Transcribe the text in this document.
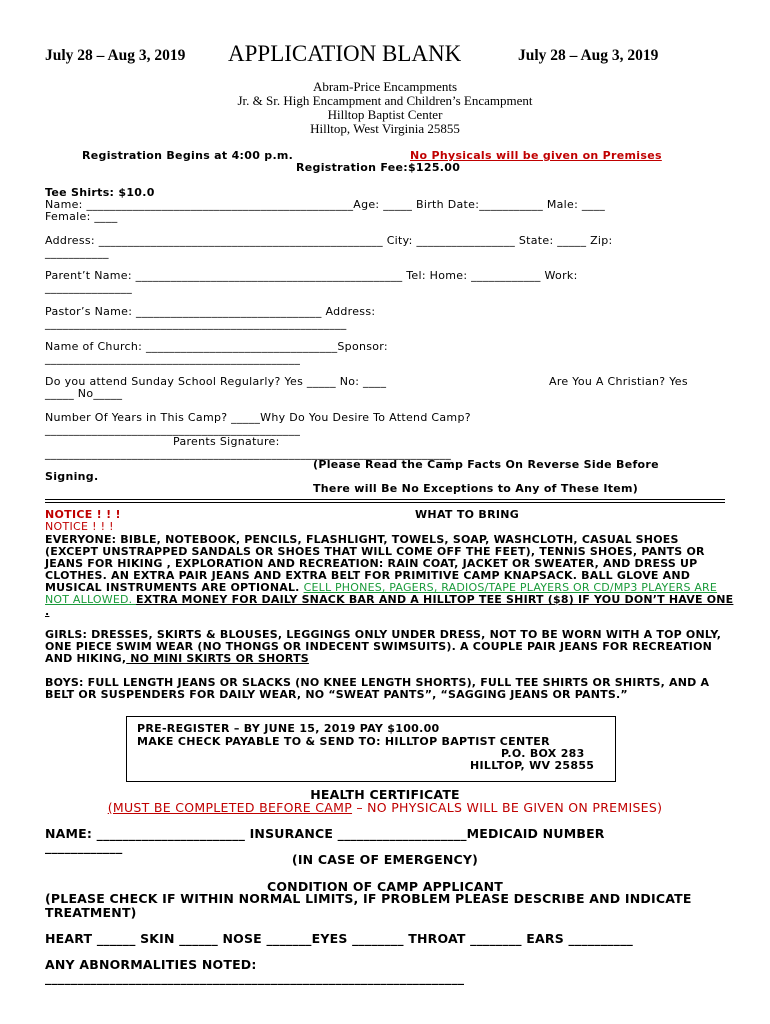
July 28 – Aug 3, 2019 APPLICATION BLANK	July 28 – Aug 3, 2019
Abram-Price Encampments
Jr. & Sr. High Encampment and Children’s Encampment
Hilltop Baptist Center
Hilltop, West Virginia 25855
Registration Begins at 4:00 p.m.	No Physicals will be given on Premises
Registration Fee:$125.00
Tee Shirts: $10.0
Name: ______________________________________________Age: _____ Birth Date:___________ Male: ____
Female: ____
Address: _________________________________________________ City: _________________ State: _____ Zip:
___________
Parent’t Name: ______________________________________________ Tel: Home: ____________ Work:
_______________
Pastor’s Name: ________________________________ Address:
____________________________________________________
Name of Church: _________________________________Sponsor:
____________________________________________
Do you attend Sunday School Regularly? Yes _____ No: ____	Are You A Christian? Yes
_____ No_____
Number Of Years in This Camp? _____Why Do You Desire To Attend Camp?
____________________________________________
Parents Signature:
______________________________________________________________________
(Please Read the Camp Facts On Reverse Side Before
Signing.
There will Be No Exceptions to Any of These Item)
NOTICE ! ! !	WHAT TO BRING
NOTICE ! ! !
EVERYONE: BIBLE, NOTEBOOK, PENCILS, FLASHLIGHT, TOWELS, SOAP, WASHCLOTH, CASUAL SHOES (EXCEPT UNSTRAPPED SANDALS OR SHOES THAT WILL COME OFF THE FEET), TENNIS SHOES, PANTS OR JEANS FOR HIKING , EXPLORATION AND RECREATION: RAIN COAT, JACKET OR SWEATER, AND DRESS UP CLOTHES. AN EXTRA PAIR JEANS AND EXTRA BELT FOR PRIMITIVE CAMP KNAPSACK. BALL GLOVE AND MUSICAL INSTRUMENTS ARE OPTIONAL. CELL PHONES, PAGERS, RADIOS/TAPE PLAYERS OR CD/MP3 PLAYERS ARE NOT ALLOWED. EXTRA MONEY FOR DAILY SNACK BAR AND A HILLTOP TEE SHIRT ($8) IF YOU DON’T HAVE ONE .
GIRLS: DRESSES, SKIRTS & BLOUSES, LEGGINGS ONLY UNDER DRESS, NOT TO BE WORN WITH A TOP ONLY, ONE PIECE SWIM WEAR (NO THONGS OR INDECENT SWIMSUITS). A COUPLE PAIR JEANS FOR RECREATION AND HIKING, NO MINI SKIRTS OR SHORTS
BOYS: FULL LENGTH JEANS OR SLACKS (NO KNEE LENGTH SHORTS), FULL TEE SHIRTS OR SHIRTS, AND A BELT OR SUSPENDERS FOR DAILY WEAR, NO “SWEAT PANTS”, “SAGGING JEANS OR PANTS.”
PRE-REGISTER – BY JUNE 15, 2019 PAY $100.00
MAKE CHECK PAYABLE TO & SEND TO: HILLTOP BAPTIST CENTER
P.O. BOX 283
HILLTOP, WV 25855
HEALTH CERTIFICATE
(MUST BE COMPLETED BEFORE CAMP – NO PHYSICALS WILL BE GIVEN ON PREMISES)
NAME: _______________________ INSURANCE ____________________MEDICAID NUMBER
____________
(IN CASE OF EMERGENCY)
CONDITION OF CAMP APPLICANT
(PLEASE CHECK IF WITHIN NORMAL LIMITS, IF PROBLEM PLEASE DESCRIBE AND INDICATE TREATMENT)
HEART ______ SKIN ______ NOSE _______EYES ________ THROAT ________ EARS __________
ANY ABNORMALITIES NOTED:
_________________________________________________________________
